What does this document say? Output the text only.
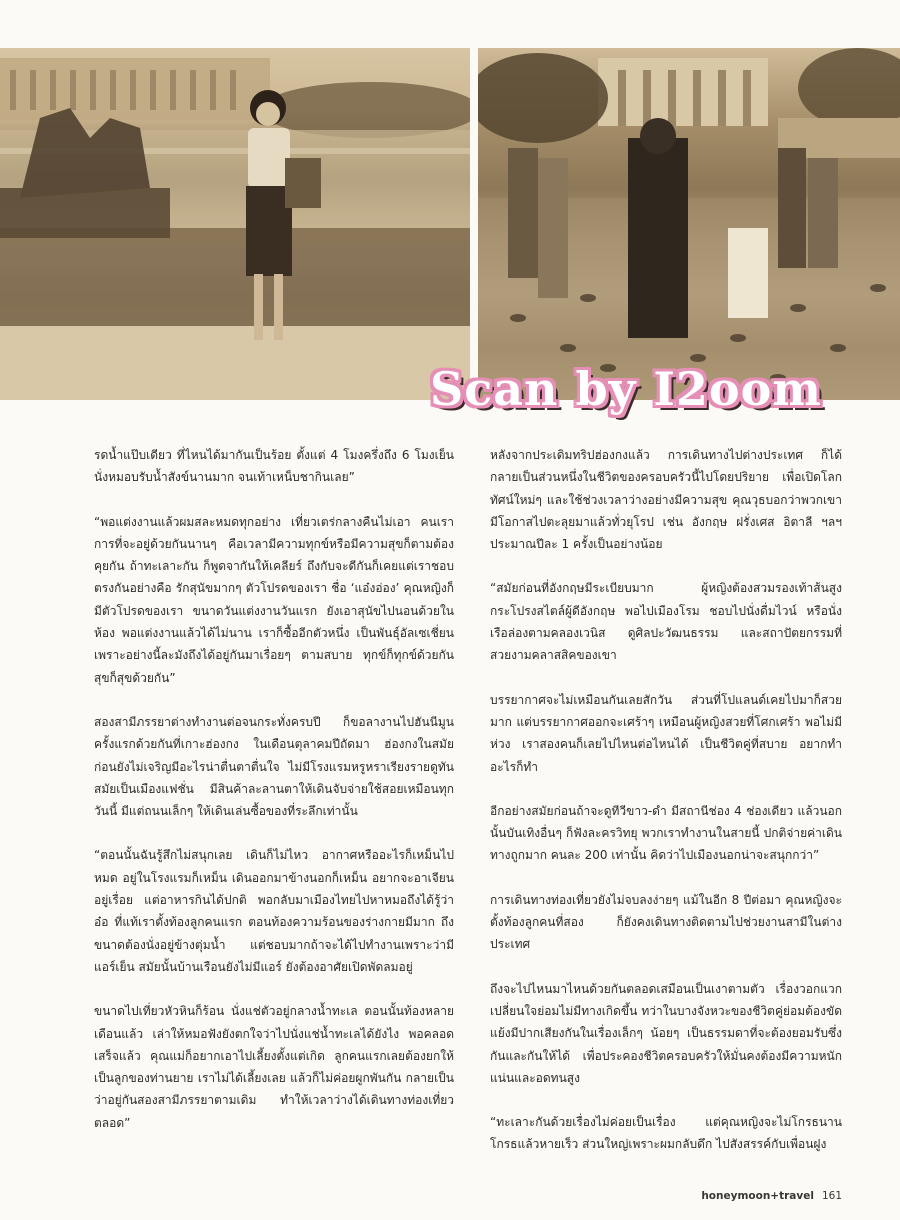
Scan by I2oom

รดน้ำแป๊บเดียว ที่ไหนได้มากันเป็นร้อย ตั้งแต่ 4 โมงครึ่งถึง 6 โมงเย็น นั่งหมอบรับน้ำสังข์นานมาก จนเท้าเหน็บชากินเลย”

“พอแต่งงานแล้วผมสละหมดทุกอย่าง เที่ยวเตร่กลางคืนไม่เอา คนเราการที่จะอยู่ด้วยกันนานๆ คือเวลามีความทุกข์หรือมีความสุขก็ตามต้องคุยกัน ถ้าทะเลาะกัน ก็พูดจากันให้เคลียร์ ถึงกับจะดีกันก็เคยแต่เราชอบตรงกันอย่างคือ รักสุนัขมากๆ ตัวโปรดของเรา ชื่อ ‘แอ๋งอ่อง’ คุณหญิงก็มีตัวโปรดของเรา ขนาดวันแต่งงานวันแรก ยังเอาสุนัขไปนอนด้วยในห้อง พอแต่งงานแล้วได้ไม่นาน เราก็ซื้ออีกตัวหนึ่ง เป็นพันธุ์อัลเซเชี่ยน เพราะอย่างนี้ละมังถึงได้อยู่กันมาเรื่อยๆ ตามสบาย ทุกข์ก็ทุกข์ด้วยกัน สุขก็สุขด้วยกัน”

สองสามีภรรยาต่างทำงานต่อจนกระทั่งครบปี ก็ขอลางานไปฮันนีมูนครั้งแรกด้วยกันที่เกาะฮ่องกง ในเดือนตุลาคมปีถัดมา ฮ่องกงในสมัยก่อนยังไม่เจริญมีอะไรน่าตื่นตาตื่นใจ ไม่มีโรงแรมหรูหราเรียงรายดูทันสมัยเป็นเมืองแฟชั่น มีสินค้าละลานตาให้เดินจับจ่ายใช้สอยเหมือนทุกวันนี้ มีแต่ถนนเล็กๆ ให้เดินเล่นซื้อของที่ระลึกเท่านั้น

“ตอนนั้นฉันรู้สึกไม่สนุกเลย เดินก็ไม่ไหว อากาศหรืออะไรก็เหม็นไปหมด อยู่ในโรงแรมก็เหม็น เดินออกมาข้างนอกก็เหม็น อยากจะอาเจียนอยู่เรื่อย แต่อาหารกินได้ปกติ พอกลับมาเมืองไทยไปหาหมอถึงได้รู้ว่า อ๋อ ที่แท้เราตั้งท้องลูกคนแรก ตอนท้องความร้อนของร่างกายมีมาก ถึงขนาดต้องนั่งอยู่ข้างตุ่มน้ำ แต่ชอบมากถ้าจะได้ไปทำงานเพราะว่ามีแอร์เย็น สมัยนั้นบ้านเรือนยังไม่มีแอร์ ยังต้องอาศัยเปิดพัดลมอยู่

ขนาดไปเที่ยวหัวหินก็ร้อน นั่งแช่ตัวอยู่กลางน้ำทะเล ตอนนั้นท้องหลายเดือนแล้ว เล่าให้หมอฟังยังตกใจว่าไปนั่งแช่น้ำทะเลได้ยังไง พอคลอดเสร็จแล้ว คุณแม่ก็อยากเอาไปเลี้ยงตั้งแต่เกิด ลูกคนแรกเลยต้องยกให้เป็นลูกของท่านยาย เราไม่ได้เลี้ยงเลย แล้วก็ไม่ค่อยผูกพันกัน กลายเป็นว่าอยู่กันสองสามีภรรยาตามเดิม ทำให้เวลาว่างได้เดินทางท่องเที่ยวตลอด”

หลังจากประเดิมทริปฮ่องกงแล้ว การเดินทางไปต่างประเทศ ก็ได้กลายเป็นส่วนหนึ่งในชีวิตของครอบครัวนี้ไปโดยปริยาย เพื่อเปิดโลกทัศน์ใหม่ๆ และใช้ช่วงเวลาว่างอย่างมีความสุข คุณวุธบอกว่าพวกเขามีโอกาสไปตะลุยมาแล้วทั่วยุโรป เช่น อังกฤษ ฝรั่งเศส อิตาลี ฯลฯ ประมาณปีละ 1 ครั้งเป็นอย่างน้อย

“สมัยก่อนที่อังกฤษมีระเบียบมาก ผู้หญิงต้องสวมรองเท้าส้นสูงกระโปรงสไตล์ผู้ดีอังกฤษ พอไปเมืองโรม ชอบไปนั่งดื่มไวน์ หรือนั่งเรือล่องตามคลองเวนิส ดูศิลปะวัฒนธรรม และสถาปัตยกรรมที่สวยงามคลาสสิคของเขา

บรรยากาศจะไม่เหมือนกันเลยสักวัน ส่วนที่โปแลนด์เคยไปมาก็สวยมาก แต่บรรยากาศออกจะเศร้าๆ เหมือนผู้หญิงสวยที่โศกเศร้า พอไม่มีห่วง เราสองคนก็เลยไปไหนต่อไหนได้ เป็นชีวิตคู่ที่สบาย อยากทำอะไรก็ทำ

อีกอย่างสมัยก่อนถ้าจะดูทีวีขาว-ดำ มีสถานีช่อง 4 ช่องเดียว แล้วนอกนั้นบันเทิงอื่นๆ ก็ฟังละครวิทยุ พวกเราทำงานในสายนี้ ปกติจ่ายค่าเดินทางถูกมาก คนละ 200 เท่านั้น คิดว่าไปเมืองนอกน่าจะสนุกกว่า”

การเดินทางท่องเที่ยวยังไม่จบลงง่ายๆ แม้ในอีก 8 ปีต่อมา คุณหญิงจะตั้งท้องลูกคนที่สอง ก็ยังคงเดินทางติดตามไปช่วยงานสามีในต่างประเทศ

ถึงจะไปไหนมาไหนด้วยกันตลอดเสมือนเป็นเงาตามตัว เรื่องวอกแวกเปลี่ยนใจย่อมไม่มีทางเกิดขึ้น ทว่าในบางจังหวะของชีวิตคู่ย่อมต้องขัดแย้งมีปากเสียงกันในเรื่องเล็กๆ น้อยๆ เป็นธรรมดาที่จะต้องยอมรับซึ่งกันและกันให้ได้ เพื่อประคองชีวิตครอบครัวให้มั่นคงต้องมีความหนักแน่นและอดทนสูง

“ทะเลาะกันด้วยเรื่องไม่ค่อยเป็นเรื่อง แต่คุณหญิงจะไม่โกรธนาน โกรธแล้วหายเร็ว ส่วนใหญ่เพราะผมกลับดึก ไปสังสรรค์กับเพื่อนฝูง

honeymoon+travel 161
